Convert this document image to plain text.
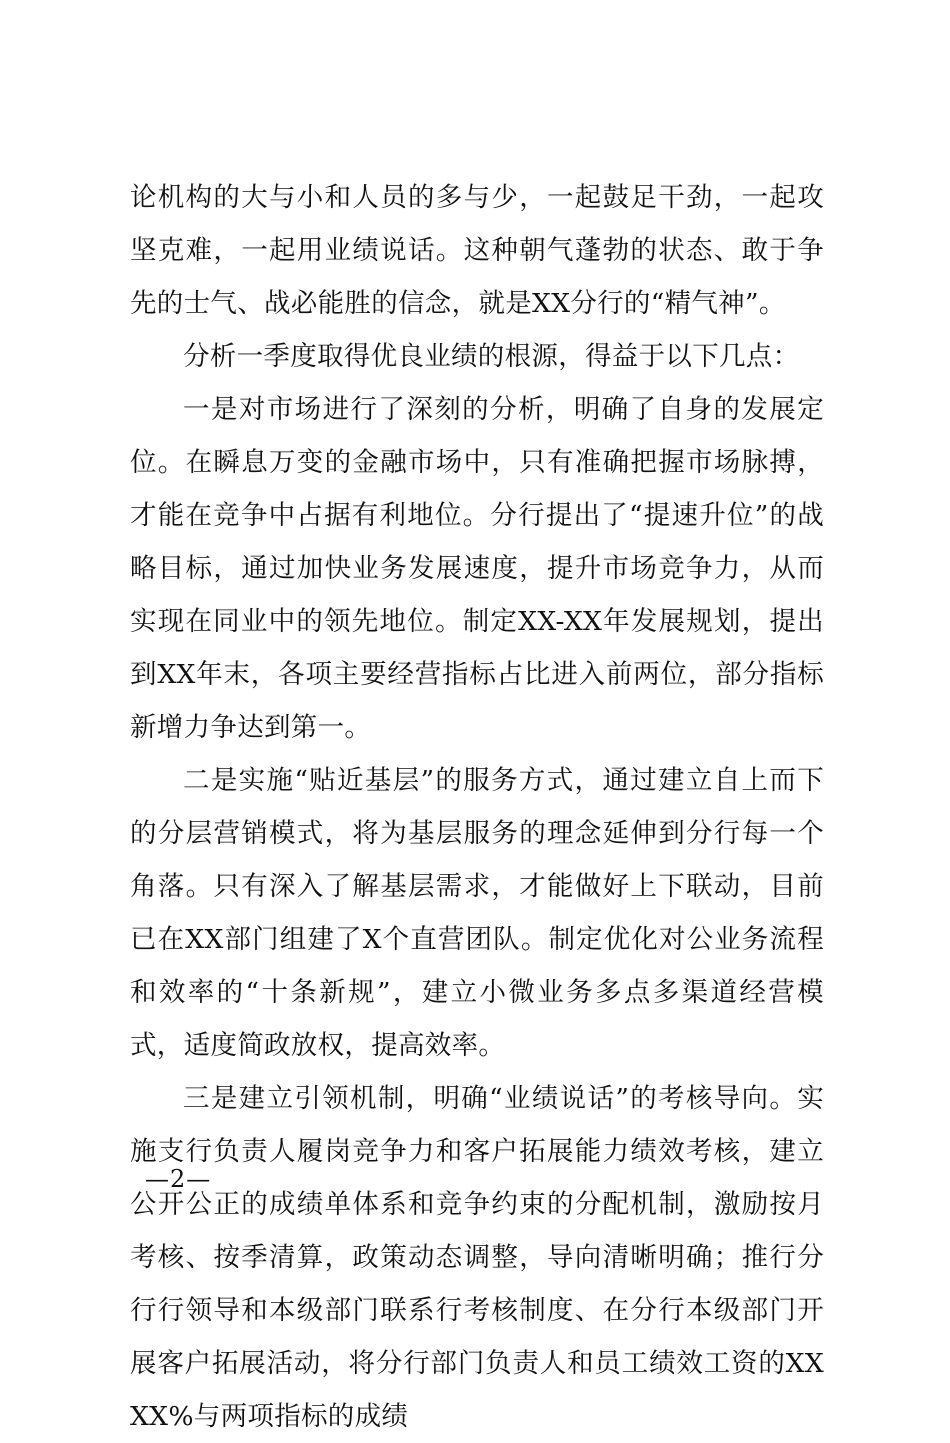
论机构的大与小和人员的多与少，一起鼓足干劲，一起攻坚克难，一起用业绩说话。这种朝气蓬勃的状态、敢于争先的士气、战必能胜的信念，就是XX分行的“精气神”。

分析一季度取得优良业绩的根源，得益于以下几点：

一是对市场进行了深刻的分析，明确了自身的发展定位。在瞬息万变的金融市场中，只有准确把握市场脉搏，才能在竞争中占据有利地位。分行提出了“提速升位”的战略目标，通过加快业务发展速度，提升市场竞争力，从而实现在同业中的领先地位。制定XX-XX年发展规划，提出到XX年末，各项主要经营指标占比进入前两位，部分指标新增力争达到第一。

二是实施“贴近基层”的服务方式，通过建立自上而下的分层营销模式，将为基层服务的理念延伸到分行每一个角落。只有深入了解基层需求，才能做好上下联动，目前已在XX部门组建了X个直营团队。制定优化对公业务流程和效率的“十条新规”，建立小微业务多点多渠道经营模式，适度简政放权，提高效率。

三是建立引领机制，明确“业绩说话”的考核导向。实施支行负责人履岗竞争力和客户拓展能力绩效考核，建立公开公正的成绩单体系和竞争约束的分配机制，激励按月考核、按季清算，政策动态调整，导向清晰明确；推行分行行领导和本级部门联系行考核制度、在分行本级部门开展客户拓展活动，将分行部门负责人和员工绩效工资的XXXX%与两项指标的成绩

—2—
